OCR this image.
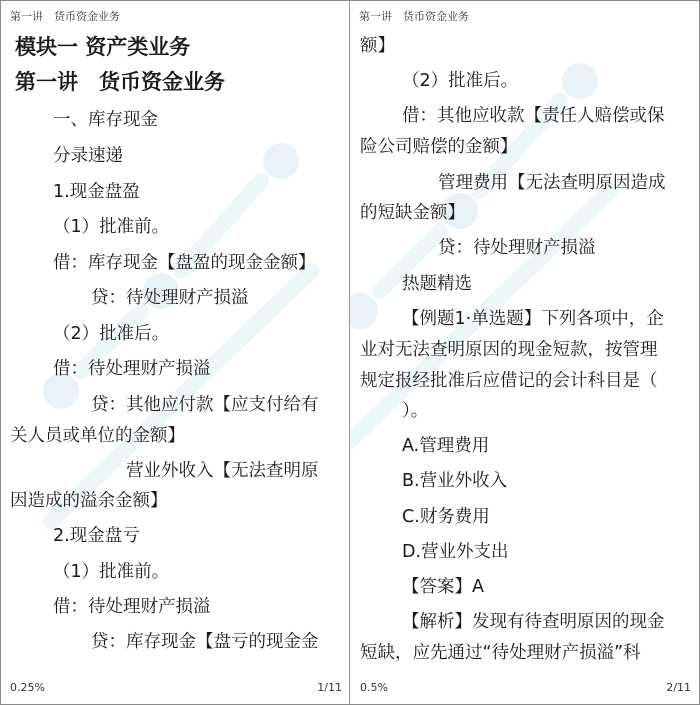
第一讲　货币资金业务
模块一 资产类业务
第一讲　货币资金业务
一、库存现金
分录速递
1.现金盘盈
（1）批准前。
借：库存现金【盘盈的现金金额】
贷：待处理财产损溢
（2）批准后。
借：待处理财产损溢
贷：其他应付款【应支付给有
关人员或单位的金额】
营业外收入【无法查明原
因造成的溢余金额】
2.现金盘亏
（1）批准前。
借：待处理财产损溢
贷：库存现金【盘亏的现金金
0.25%	1/11
第一讲　货币资金业务
额】
（2）批准后。
借：其他应收款【责任人赔偿或保
险公司赔偿的金额】
管理费用【无法查明原因造成
的短缺金额】
贷：待处理财产损溢
热题精选
【例题1·单选题】下列各项中，企
业对无法查明原因的现金短款，按管理
规定报经批准后应借记的会计科目是（
）。
A.管理费用
B.营业外收入
C.财务费用
D.营业外支出
【答案】A
【解析】发现有待查明原因的现金
短缺，应先通过“待处理财产损溢”科
0.5%	2/11
